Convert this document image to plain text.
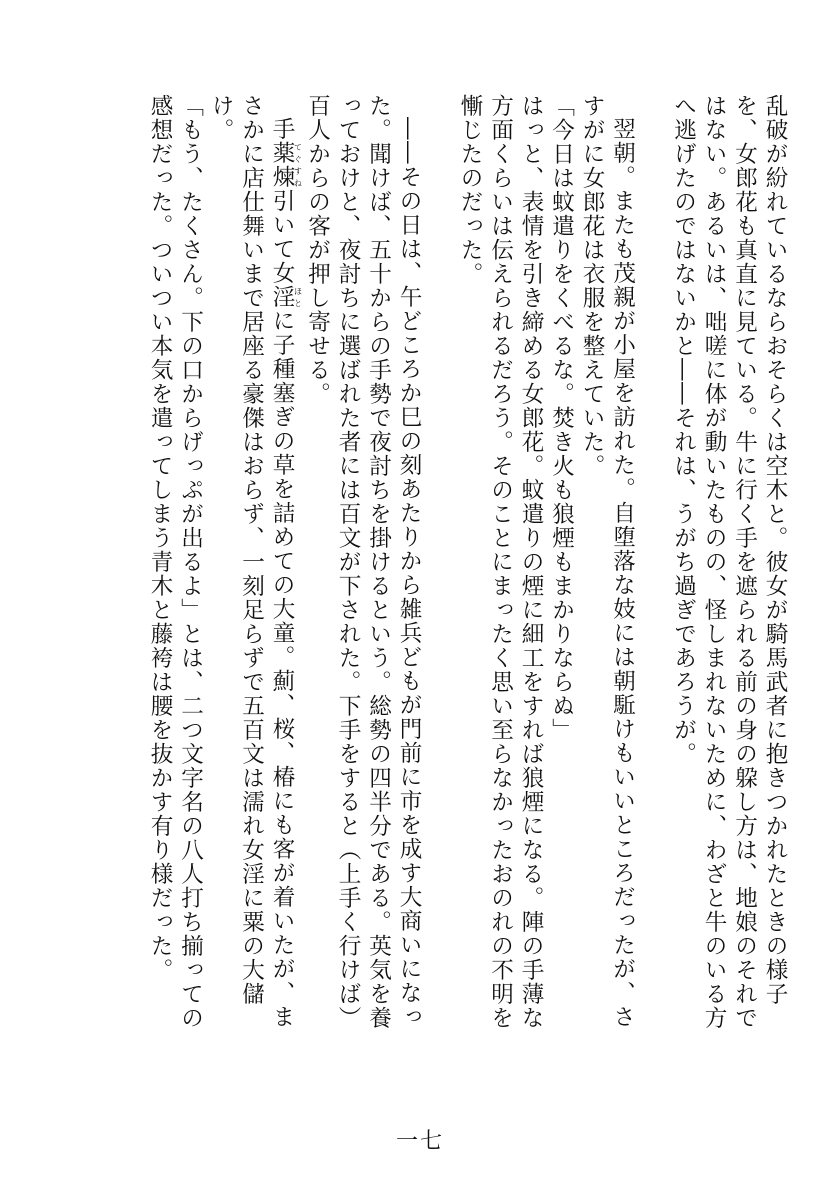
乱破が紛れているならおそらくは空木と。彼女が騎馬武者に抱きつかれたときの様子を、女郎花も真直に見ている。牛に行く手を遮られる前の身の躱し方は、地娘のそれではない。あるいは、咄嗟に体が動いたものの、怪しまれないために、わざと牛のいる方へ逃げたのではないかと――それは、うがち過ぎであろうが。

翌朝。またも茂親が小屋を訪れた。自堕落な妓には朝駈けもいいところだったが、さすがに女郎花は衣服を整えていた。

「今日は蚊遣りをくべるな。焚き火も狼煙もまかりならぬ」

はっと、表情を引き締める女郎花。蚊遣りの煙に細工をすれば狼煙になる。陣の手薄な方面くらいは伝えられるだろう。そのことにまったく思い至らなかったおのれの不明を慚じたのだった。

――その日は、午どころか巳の刻あたりから雑兵どもが門前に市を成す大商いになった。聞けば、五十からの手勢で夜討ちを掛けるという。総勢の四半分である。英気を養っておけと、夜討ちに選ばれた者には百文が下された。下手をすると（上手く行けば）百人からの客が押し寄せる。

手薬煉てぐすね引いて女淫ほとに子種塞ぎの草を詰めての大童。薊、桜、椿にも客が着いたが、まさかに店仕舞いまで居座る豪傑はおらず、一刻足らずで五百文は濡れ女淫に粟の大儲け。

「もう、たくさん。下の口からげっぷが出るよ」とは、二つ文字名の八人打ち揃っての感想だった。ついつい本気を遣ってしまう青木と藤袴は腰を抜かす有り様だった。

一七
